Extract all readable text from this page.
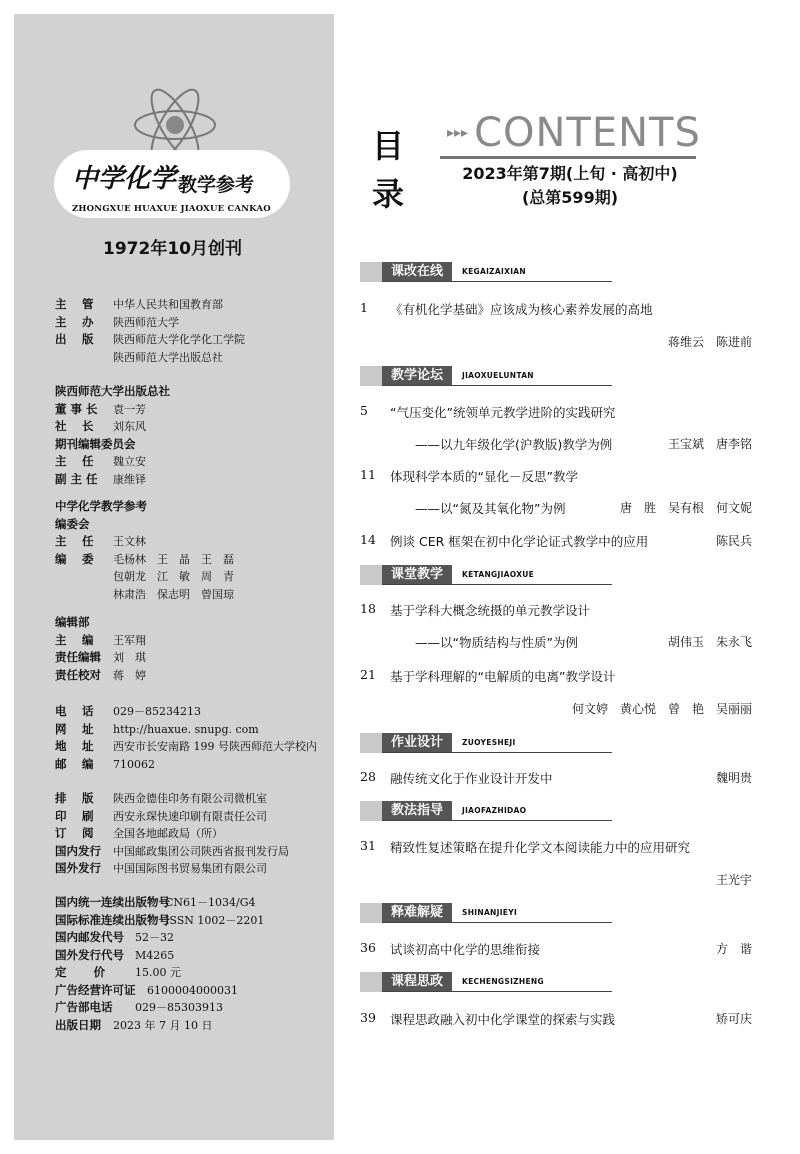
中学化学 教学参考
ZHONGXUE HUAXUE JIAOXUE CANKAO
1972年10月创刊
主　 管	中华人民共和国教育部
主　 办	陕西师范大学
出　 版	陕西师范大学化学化工学院
陕西师范大学出版总社
陕西师范大学出版总社
董 事 长	袁一芳
社　 长	刘东风
期刊编辑委员会
主　 任	魏立安
副 主 任	康维铎
中学化学教学参考
编委会
主　 任	王文林
编　 委	毛杨林　王　晶　王　磊
包朝龙　江　敏　周　青
林肃浩　保志明　曾国琼
编辑部
主　 编	王军翔
责任编辑	刘　琪
责任校对	蒋　婷
电　 话	029－85234213
网　 址	http://huaxue. snupg. com
地　 址	西安市长安南路 199 号陕西师范大学校内
邮　 编	710062
排　 版	陕西金德佳印务有限公司微机室
印　 刷	西安永琛快速印刷有限责任公司
订　 阅	全国各地邮政局（所）
国内发行	中国邮政集团公司陕西省报刊发行局
国外发行	中国国际图书贸易集团有限公司
国内统一连续出版物号
CN61－1034/G4
国际标准连续出版物号
ISSN 1002－2201
国内邮发代号	52－32
国外发行代号	M4265
定　　 价	15.00 元
广告经营许可证	6100004000031
广告部电话	029－85303913
出版日期	2023 年 7 月 10 日
目
录
▸▸▸ CONTENTS
2023年第7期(上旬 · 高初中)
(总第599期)
课改在线	KEGAIZAIXIAN
1 《有机化学基础》应该成为核心素养发展的高地
蒋维云　陈进前
教学论坛	JIAOXUELUNTAN
5 “气压变化”统领单元教学进阶的实践研究
——以九年级化学(沪教版)教学为例	王宝斌　唐李铭
11 体现科学本质的“显化－反思”教学
——以“氮及其氧化物”为例	唐　胜　吴有根　何文妮
14 例谈 CER 框架在初中化学论证式教学中的应用	陈民兵
课堂教学	KETANGJIAOXUE
18 基于学科大概念统摄的单元教学设计
——以“物质结构与性质”为例	胡伟玉　朱永飞
21 基于学科理解的“电解质的电离”教学设计
何文婷　黄心悦　曾　艳　吴丽丽
作业设计	ZUOYESHEJI
28 融传统文化于作业设计开发中	魏明贵
教法指导	JIAOFAZHIDAO
31 精致性复述策略在提升化学文本阅读能力中的应用研究
王光宇
释难解疑	SHINANJIEYI
36 试谈初高中化学的思维衔接	方　谐
课程思政	KECHENGSIZHENG
39 课程思政融入初中化学课堂的探索与实践	矫可庆
